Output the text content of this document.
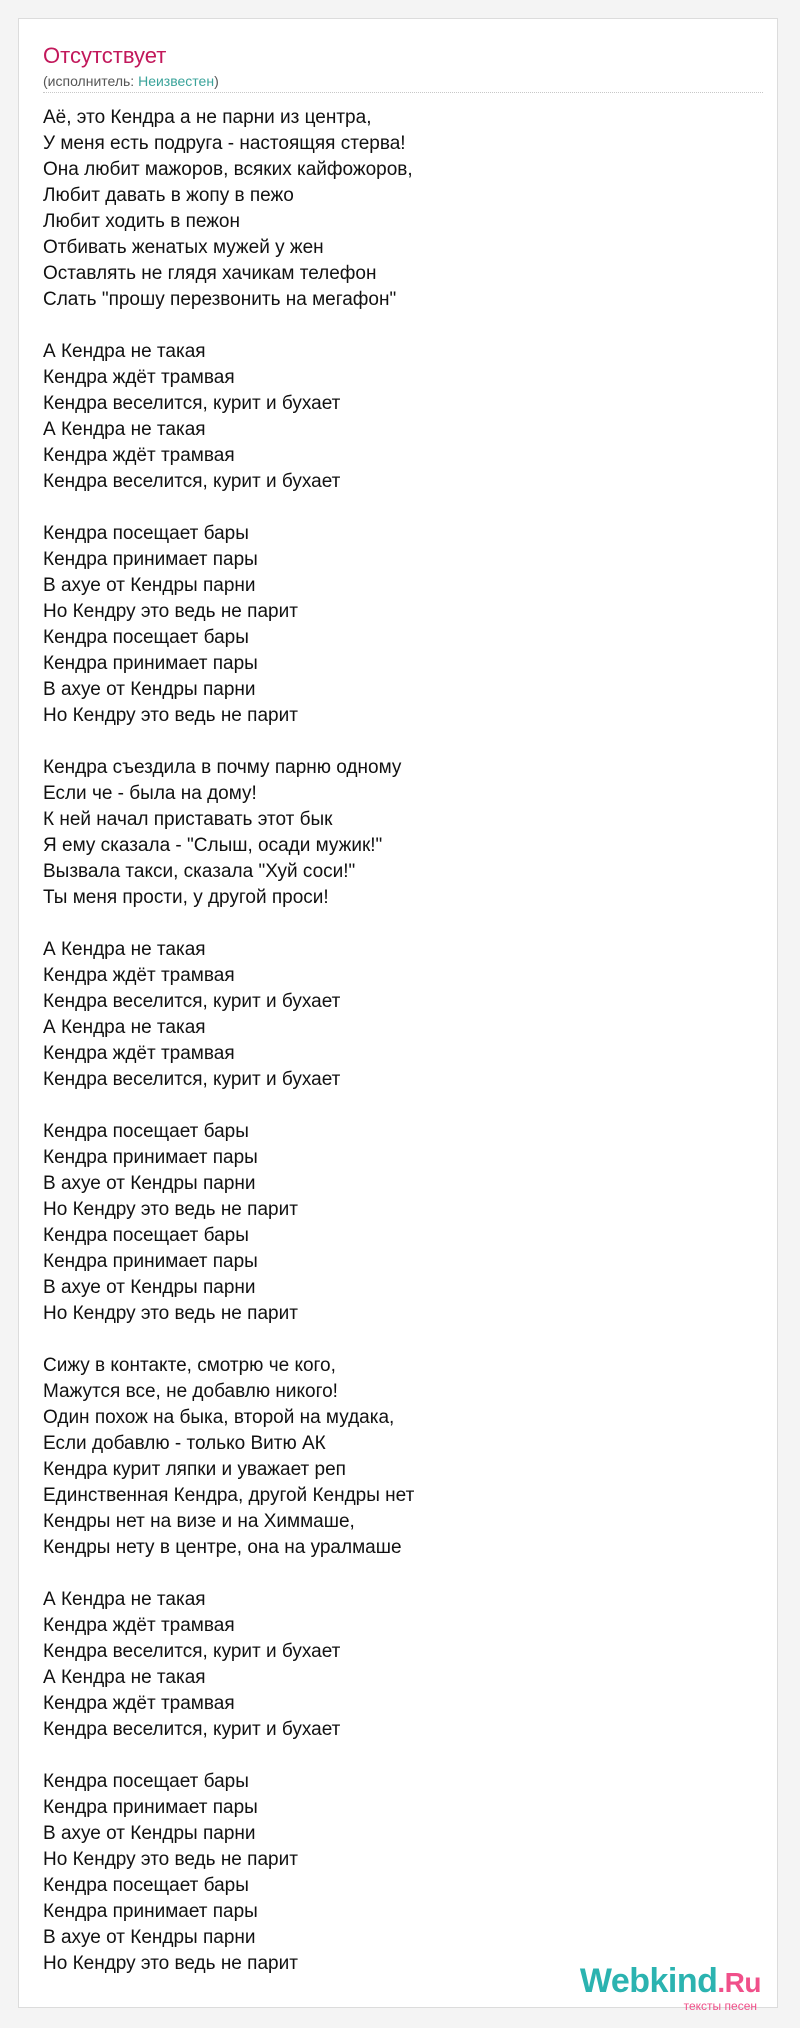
Отсутствует
(исполнитель: Неизвестен)
Аё, это Кендра а не парни из центра,
У меня есть подруга - настоящяя стерва!
Она любит мажоров, всяких кайфожоров,
Любит давать в жопу в пежо
Любит ходить в пежон
Отбивать женатых мужей у жен
Оставлять не глядя хачикам телефон
Слать "прошу перезвонить на мегафон"
А Кендра не такая
Кендра ждёт трамвая
Кендра веселится, курит и бухает
А Кендра не такая
Кендра ждёт трамвая
Кендра веселится, курит и бухает
Кендра посещает бары
Кендра принимает пары
В ахуе от Кендры парни
Но Кендру это ведь не парит
Кендра посещает бары
Кендра принимает пары
В ахуе от Кендры парни
Но Кендру это ведь не парит
Кендра съездила в почму парню одному
Если че - была на дому!
К ней начал приставать этот бык
Я ему сказала - "Слыш, осади мужик!"
Вызвала такси, сказала "Хуй соси!"
Ты меня прости, у другой проси!
А Кендра не такая
Кендра ждёт трамвая
Кендра веселится, курит и бухает
А Кендра не такая
Кендра ждёт трамвая
Кендра веселится, курит и бухает
Кендра посещает бары
Кендра принимает пары
В ахуе от Кендры парни
Но Кендру это ведь не парит
Кендра посещает бары
Кендра принимает пары
В ахуе от Кендры парни
Но Кендру это ведь не парит
Сижу в контакте, смотрю че кого,
Мажутся все, не добавлю никого!
Один похож на быка, второй на мудака,
Если добавлю - только Витю АК
Кендра курит ляпки и уважает реп
Единственная Кендра, другой Кендры нет
Кендры нет на визе и на Химмаше,
Кендры нету в центре, она на уралмаше
А Кендра не такая
Кендра ждёт трамвая
Кендра веселится, курит и бухает
А Кендра не такая
Кендра ждёт трамвая
Кендра веселится, курит и бухает
Кендра посещает бары
Кендра принимает пары
В ахуе от Кендры парни
Но Кендру это ведь не парит
Кендра посещает бары
Кендра принимает пары
В ахуе от Кендры парни
Но Кендру это ведь не парит	Webkind.Ru
тексты песен
